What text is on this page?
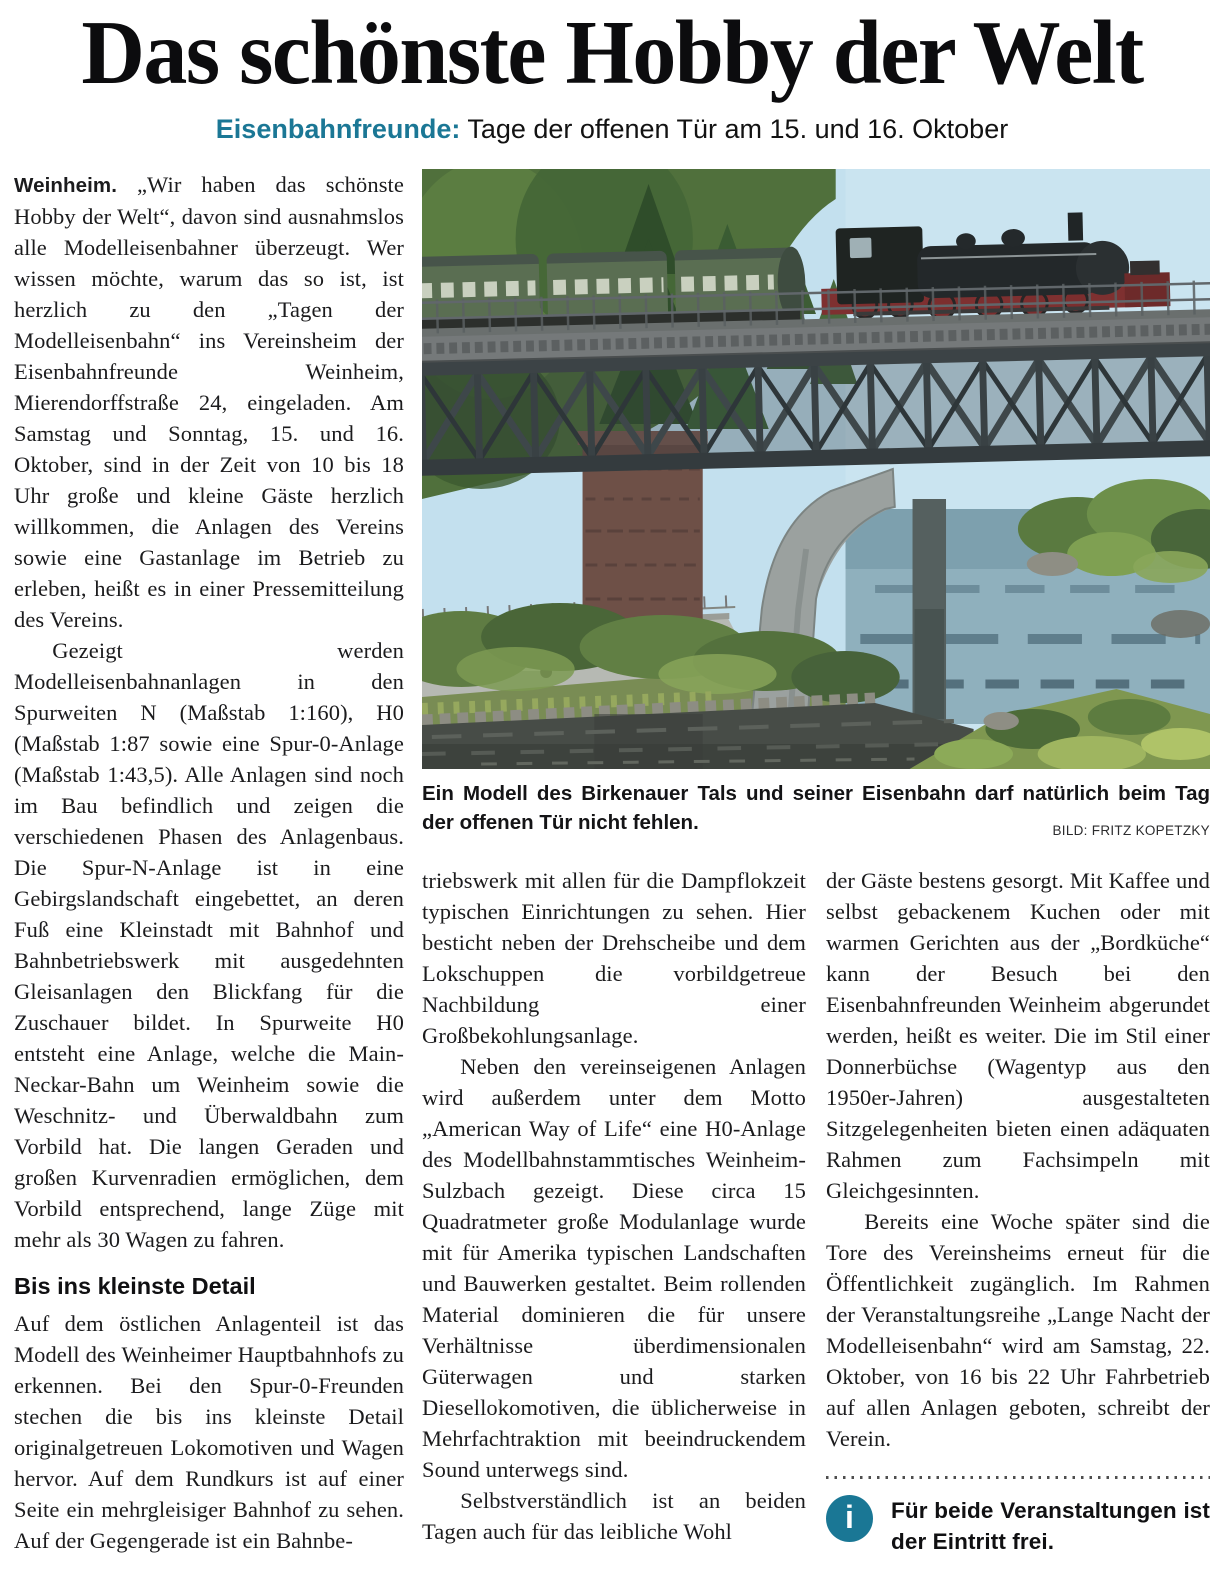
Das schönste Hobby der Welt
Eisenbahnfreunde: Tage der offenen Tür am 15. und 16. Oktober

Weinheim. „Wir haben das schönste Hobby der Welt“, davon sind ausnahmslos alle Modelleisenbahner überzeugt. Wer wissen möchte, warum das so ist, ist herzlich zu den „Tagen der Modelleisenbahn“ ins Vereinsheim der Eisenbahnfreunde Weinheim, Mierendorffstraße 24, eingeladen. Am Samstag und Sonntag, 15. und 16. Oktober, sind in der Zeit von 10 bis 18 Uhr große und kleine Gäste herzlich willkommen, die Anlagen des Vereins sowie eine Gastanlage im Betrieb zu erleben, heißt es in einer Pressemitteilung des Vereins.

Gezeigt werden Modelleisenbahnanlagen in den Spurweiten N (Maßstab 1:160), H0 (Maßstab 1:87 sowie eine Spur-0-Anlage (Maßstab 1:43,5). Alle Anlagen sind noch im Bau befindlich und zeigen die verschiedenen Phasen des Anlagenbaus. Die Spur-N-Anlage ist in eine Gebirgslandschaft eingebettet, an deren Fuß eine Kleinstadt mit Bahnhof und Bahnbetriebswerk mit ausgedehnten Gleisanlagen den Blickfang für die Zuschauer bildet. In Spurweite H0 entsteht eine Anlage, welche die Main-Neckar-Bahn um Weinheim sowie die Weschnitz- und Überwaldbahn zum Vorbild hat. Die langen Geraden und großen Kurvenradien ermöglichen, dem Vorbild entsprechend, lange Züge mit mehr als 30 Wagen zu fahren.

Bis ins kleinste Detail

Auf dem östlichen Anlagenteil ist das Modell des Weinheimer Hauptbahnhofs zu erkennen. Bei den Spur-0-Freunden stechen die bis ins kleinste Detail originalgetreuen Lokomotiven und Wagen hervor. Auf dem Rundkurs ist auf einer Seite ein mehrgleisiger Bahnhof zu sehen. Auf der Gegengerade ist ein Bahnbe-

Ein Modell des Birkenauer Tals und seiner Eisenbahn darf natürlich beim Tag der offenen Tür nicht fehlen.	BILD: FRITZ KOPETZKY

triebswerk mit allen für die Dampflokzeit typischen Einrichtungen zu sehen. Hier besticht neben der Drehscheibe und dem Lokschuppen die vorbildgetreue Nachbildung einer Großbekohlungsanlage.

Neben den vereinseigenen Anlagen wird außerdem unter dem Motto „American Way of Life“ eine H0-Anlage des Modellbahnstammtisches Weinheim-Sulzbach gezeigt. Diese circa 15 Quadratmeter große Modulanlage wurde mit für Amerika typischen Landschaften und Bauwerken gestaltet. Beim rollenden Material dominieren die für unsere Verhältnisse überdimensionalen Güterwagen und starken Diesellokomotiven, die üblicherweise in Mehrfachtraktion mit beeindruckendem Sound unterwegs sind.

Selbstverständlich ist an beiden Tagen auch für das leibliche Wohl

der Gäste bestens gesorgt. Mit Kaffee und selbst gebackenem Kuchen oder mit warmen Gerichten aus der „Bordküche“ kann der Besuch bei den Eisenbahnfreunden Weinheim abgerundet werden, heißt es weiter. Die im Stil einer Donnerbüchse (Wagentyp aus den 1950er-Jahren) ausgestalteten Sitzgelegenheiten bieten einen adäquaten Rahmen zum Fachsimpeln mit Gleichgesinnten.

Bereits eine Woche später sind die Tore des Vereinsheims erneut für die Öffentlichkeit zugänglich. Im Rahmen der Veranstaltungsreihe „Lange Nacht der Modelleisenbahn“ wird am Samstag, 22. Oktober, von 16 bis 22 Uhr Fahrbetrieb auf allen Anlagen geboten, schreibt der Verein.

i	Für beide Veranstaltungen ist der Eintritt frei.
